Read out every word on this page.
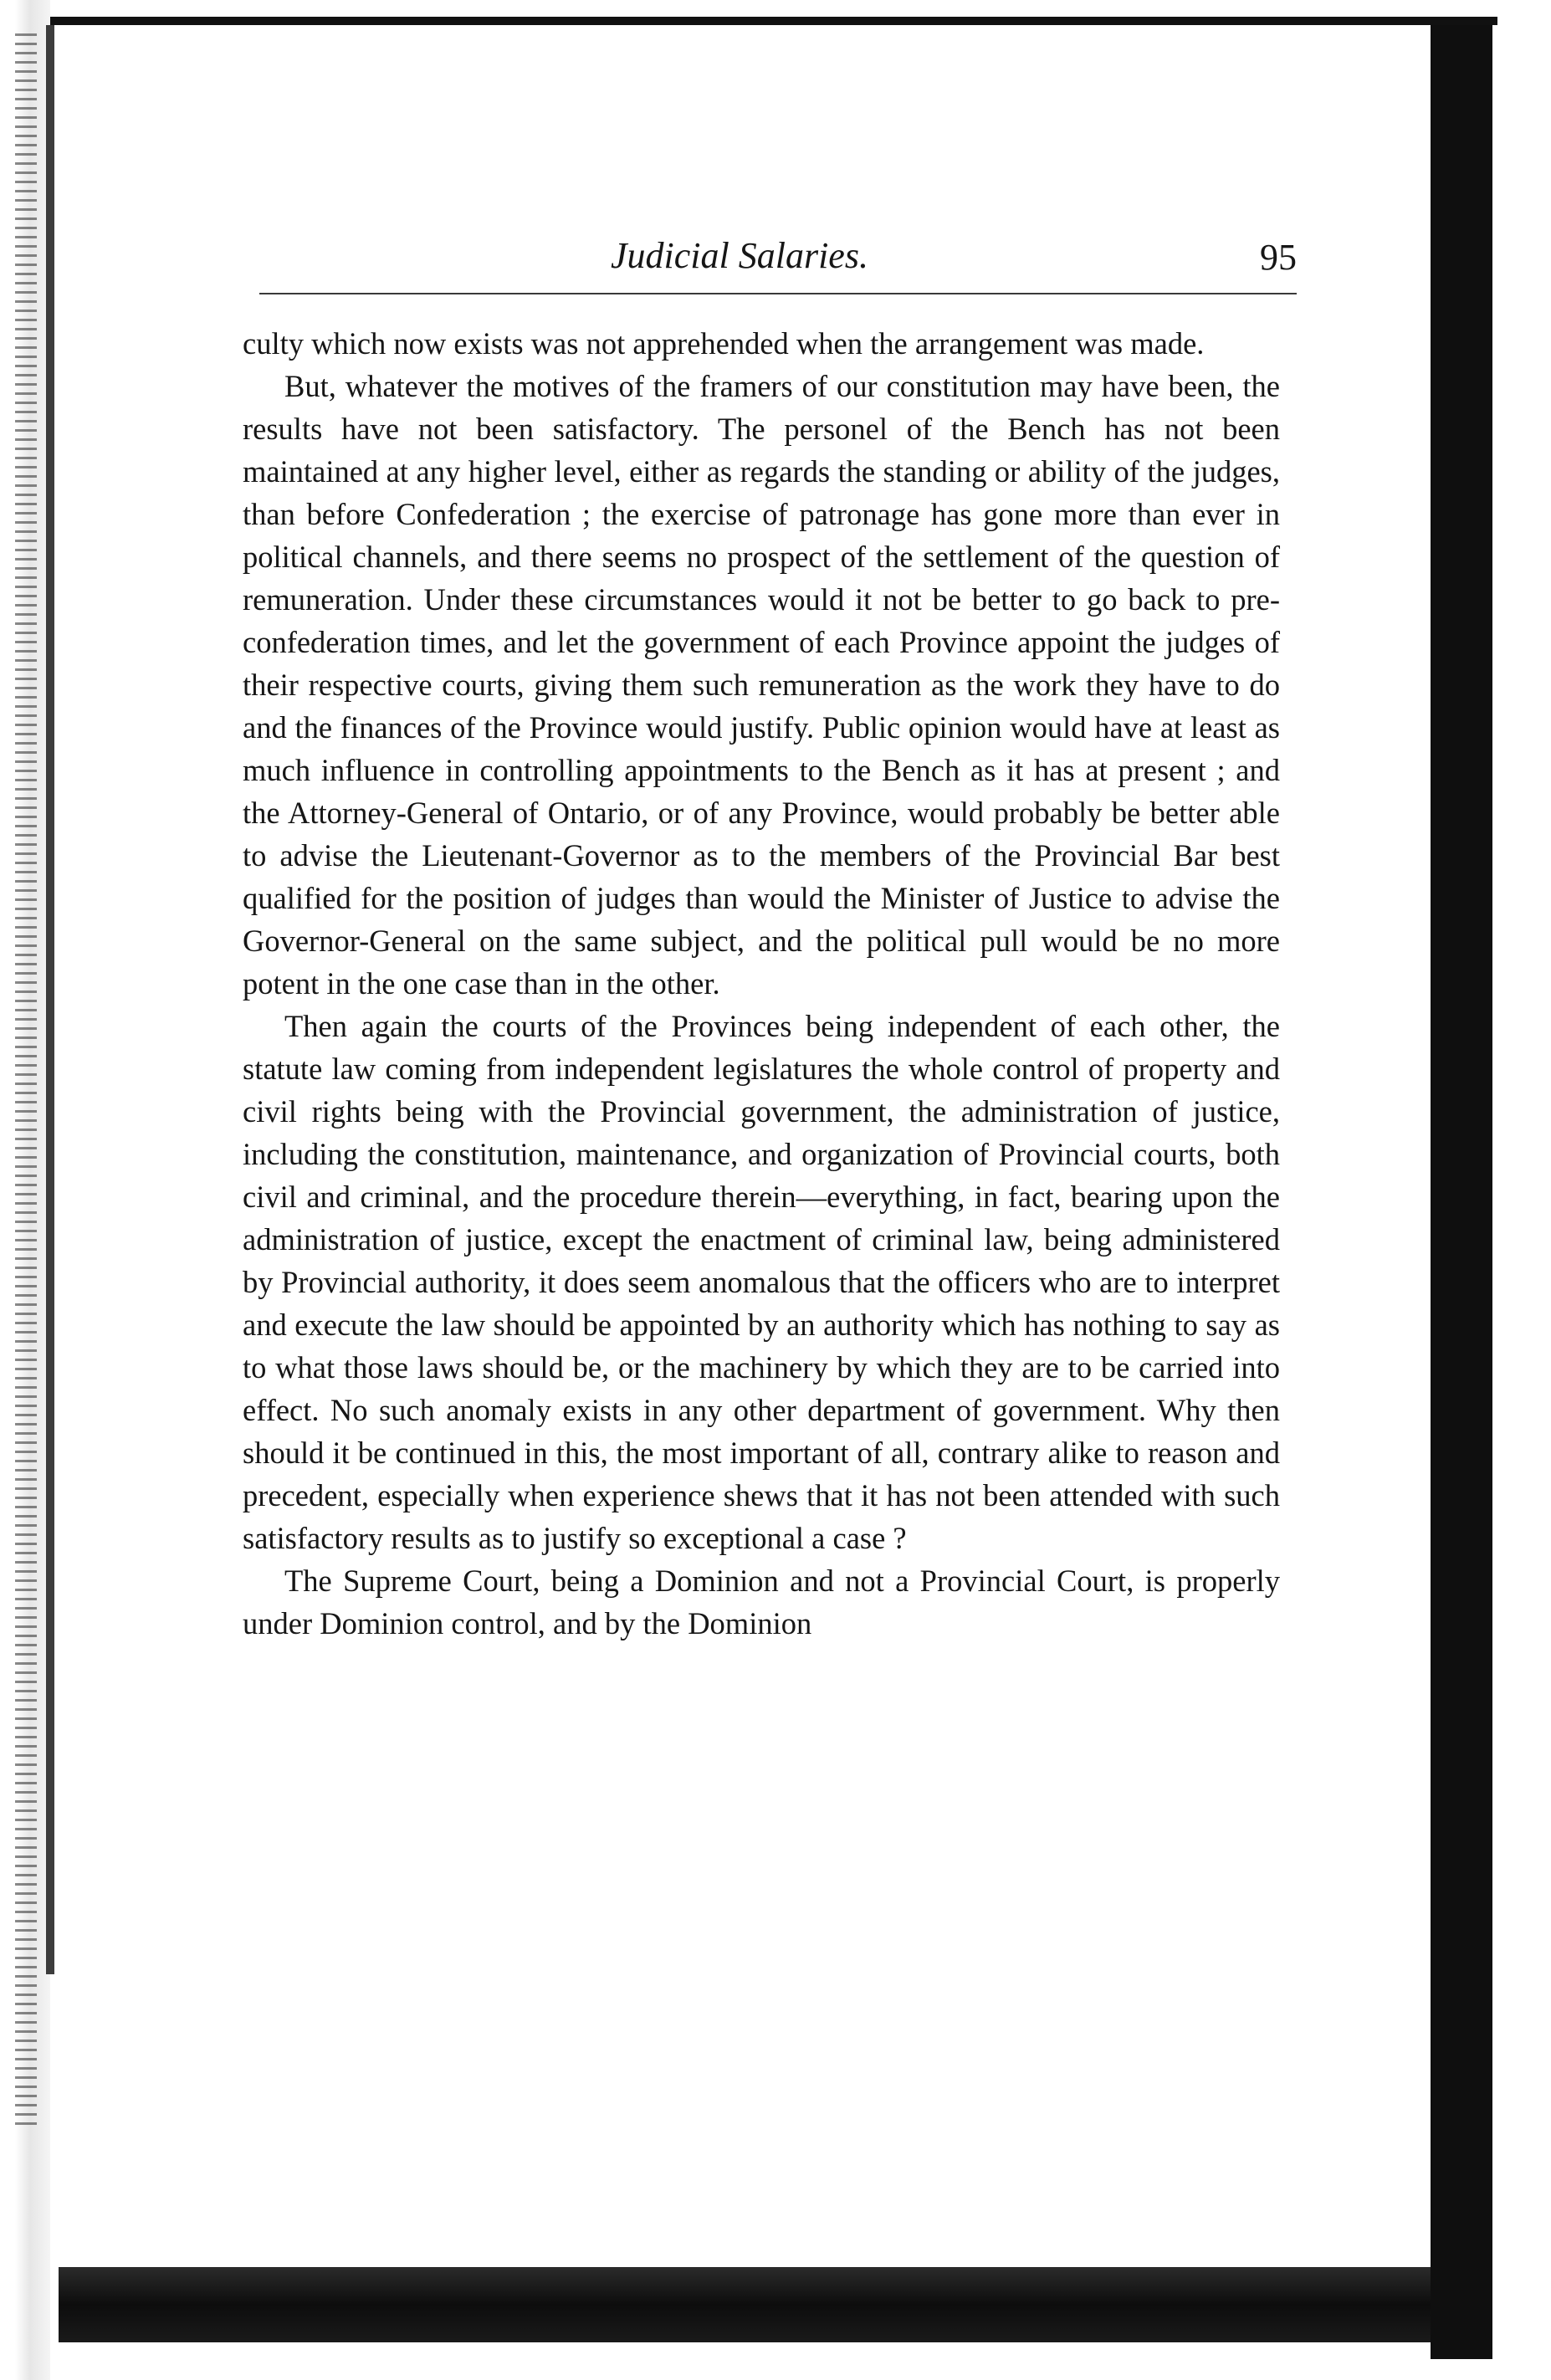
Judicial Salaries.	95

culty which now exists was not apprehended when the arrangement was made.

But, whatever the motives of the framers of our constitution may have been, the results have not been satisfactory. The personel of the Bench has not been maintained at any higher level, either as regards the standing or ability of the judges, than before Confederation ; the exercise of patronage has gone more than ever in political channels, and there seems no prospect of the settlement of the question of remuneration. Under these circumstances would it not be better to go back to pre-confederation times, and let the government of each Province appoint the judges of their respective courts, giving them such remuneration as the work they have to do and the finances of the Province would justify. Public opinion would have at least as much influence in controlling appointments to the Bench as it has at present ; and the Attorney-General of Ontario, or of any Province, would probably be better able to advise the Lieutenant-Governor as to the members of the Provincial Bar best qualified for the position of judges than would the Minister of Justice to advise the Governor-General on the same subject, and the political pull would be no more potent in the one case than in the other.

Then again the courts of the Provinces being independent of each other, the statute law coming from independent legislatures the whole control of property and civil rights being with the Provincial government, the administration of justice, including the constitution, maintenance, and organization of Provincial courts, both civil and criminal, and the procedure therein—everything, in fact, bearing upon the administration of justice, except the enactment of criminal law, being administered by Provincial authority, it does seem anomalous that the officers who are to interpret and execute the law should be appointed by an authority which has nothing to say as to what those laws should be, or the machinery by which they are to be carried into effect. No such anomaly exists in any other department of government. Why then should it be continued in this, the most important of all, contrary alike to reason and precedent, especially when experience shews that it has not been attended with such satisfactory results as to justify so exceptional a case ?

The Supreme Court, being a Dominion and not a Provincial Court, is properly under Dominion control, and by the Dominion
